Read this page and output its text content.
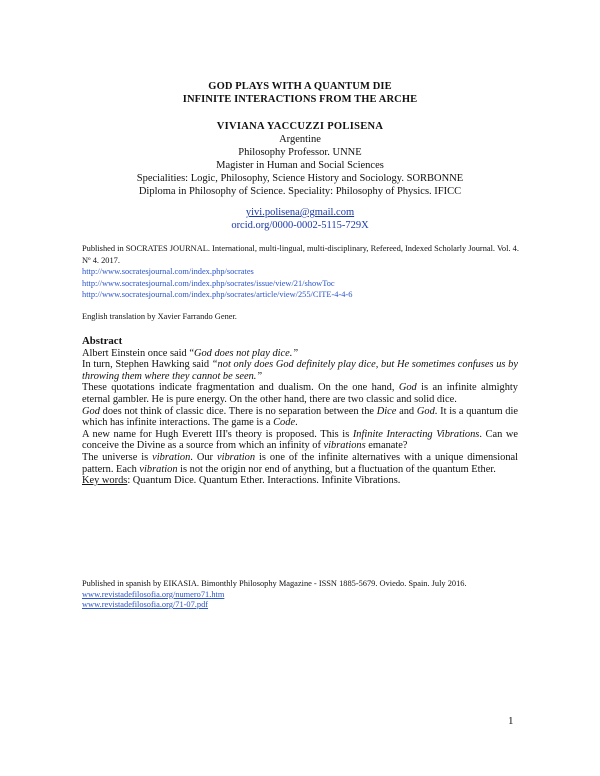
GOD PLAYS WITH A QUANTUM DIE
INFINITE INTERACTIONS FROM THE ARCHE
VIVIANA YACCUZZI POLISENA
Argentine
Philosophy Professor. UNNE
Magister in Human and Social Sciences
Specialities: Logic, Philosophy, Science History and Sociology. SORBONNE
Diploma in Philosophy of Science. Speciality: Philosophy of Physics. IFICC
yivi.polisena@gmail.com
orcid.org/0000-0002-5115-729X
Published in SOCRATES JOURNAL. International, multi-lingual, multi-disciplinary, Refereed, Indexed Scholarly Journal. Vol. 4. Nº 4. 2017.
http://www.socratesjournal.com/index.php/socrates
http://www.socratesjournal.com/index.php/socrates/issue/view/21/showToc
http://www.socratesjournal.com/index.php/socrates/article/view/255/CITE-4-4-6
English translation by Xavier Farrando Gener.
Abstract

Albert Einstein once said “God does not play dice.”

In turn, Stephen Hawking said “not only does God definitely play dice, but He sometimes confuses us by throwing them where they cannot be seen.”

These quotations indicate fragmentation and dualism. On the one hand, God is an infinite almighty eternal gambler. He is pure energy. On the other hand, there are two classic and solid dice.

God does not think of classic dice. There is no separation between the Dice and God. It is a quantum die which has infinite interactions. The game is a Code.

A new name for Hugh Everett III's theory is proposed. This is Infinite Interacting Vibrations. Can we conceive the Divine as a source from which an infinity of vibrations emanate?

The universe is vibration. Our vibration is one of the infinite alternatives with a unique dimensional pattern. Each vibration is not the origin nor end of anything, but a fluctuation of the quantum Ether.

Key words: Quantum Dice. Quantum Ether. Interactions. Infinite Vibrations.

Published in spanish by EIKASIA. Bimonthly Philosophy Magazine - ISSN 1885-5679. Oviedo. Spain. July 2016.
www.revistadefilosofia.org/numero71.htm
www.revistadefilosofia.org/71-07.pdf
1
